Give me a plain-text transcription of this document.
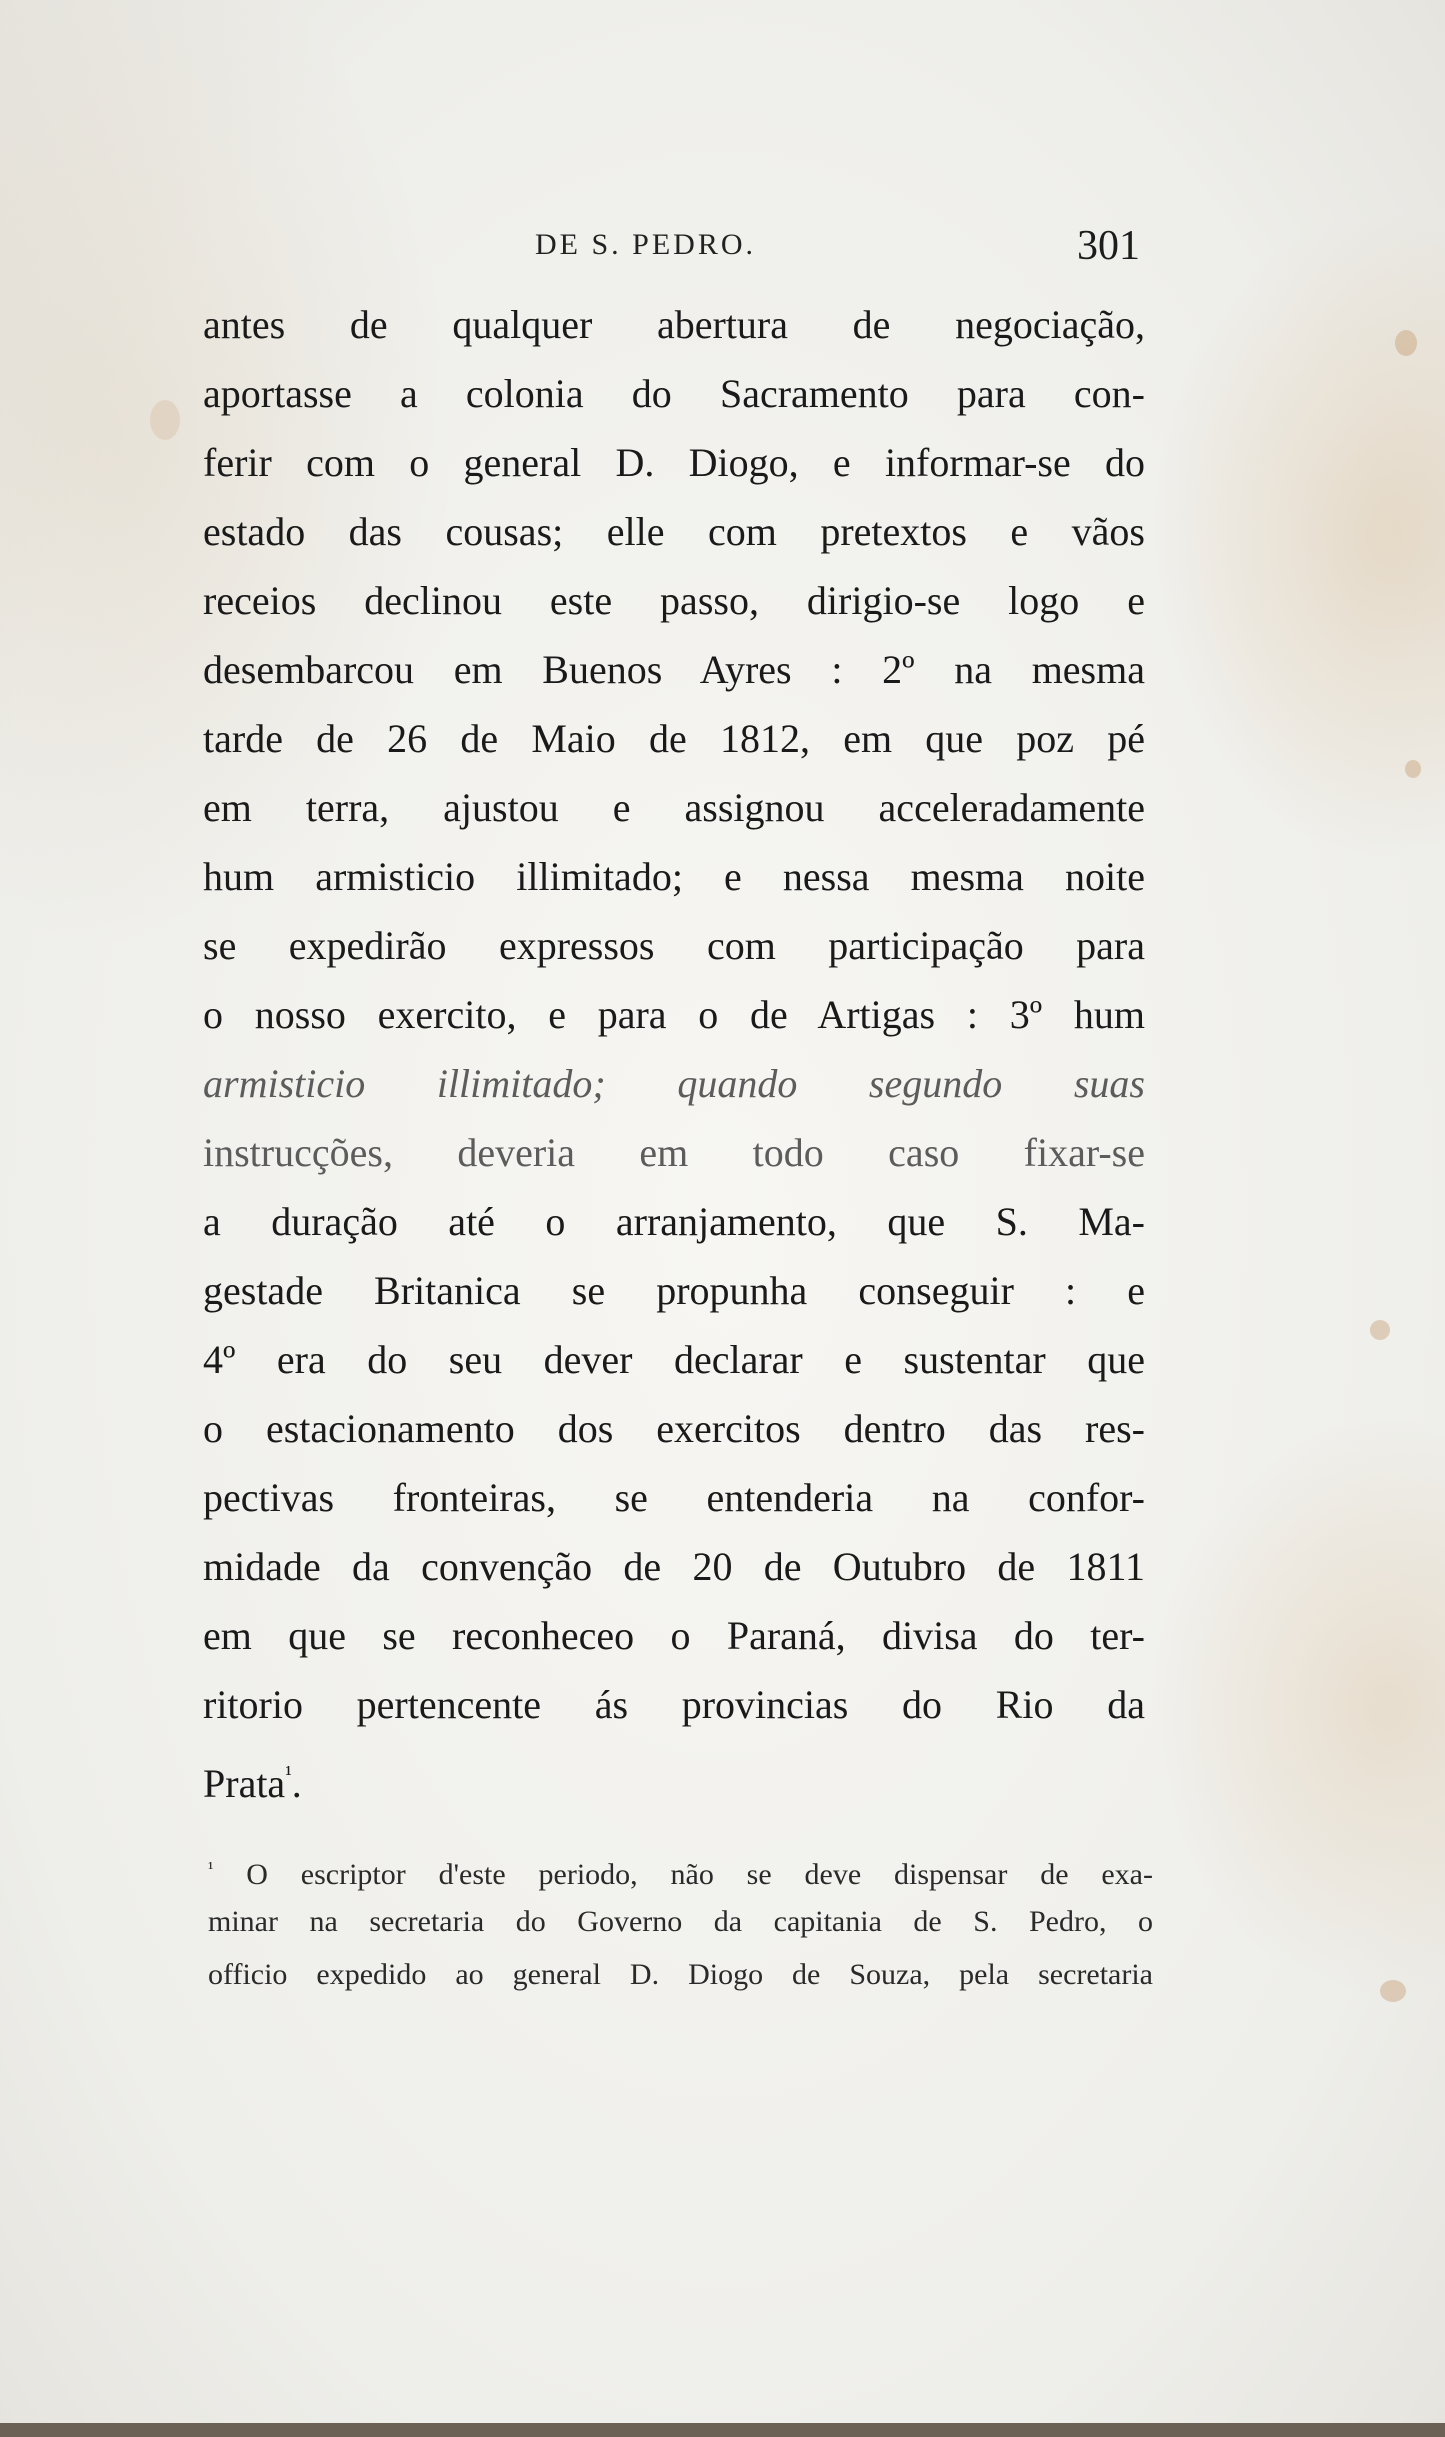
DE S. PEDRO.	301
antes de qualquer abertura de negociação,
aportasse a colonia do Sacramento para con-
ferir com o general D. Diogo, e informar-se do
estado das cousas; elle com pretextos e vãos
receios declinou este passo, dirigio-se logo e
desembarcou em Buenos Ayres : 2º na mesma
tarde de 26 de Maio de 1812, em que poz pé
em terra, ajustou e assignou acceleradamente
hum armisticio illimitado; e nessa mesma noite
se expedirão expressos com participação para
o nosso exercito, e para o de Artigas : 3º hum
armisticio illimitado; quando segundo suas
instrucções, deveria em todo caso fixar-se
a duração até o arranjamento, que S. Ma-
gestade Britanica se propunha conseguir : e
4º era do seu dever declarar e sustentar que
o estacionamento dos exercitos dentro das res-
pectivas fronteiras, se entenderia na confor-
midade da convenção de 20 de Outubro de 1811
em que se reconheceo o Paraná, divisa do ter-
ritorio pertencente ás provincias do Rio da
Prata$^{^1}$.
$^{^1}$ O escriptor d'este periodo, não se deve dispensar de exa-
minar na secretaria do Governo da capitania de S. Pedro, o
officio expedido ao general D. Diogo de Souza, pela secretaria
